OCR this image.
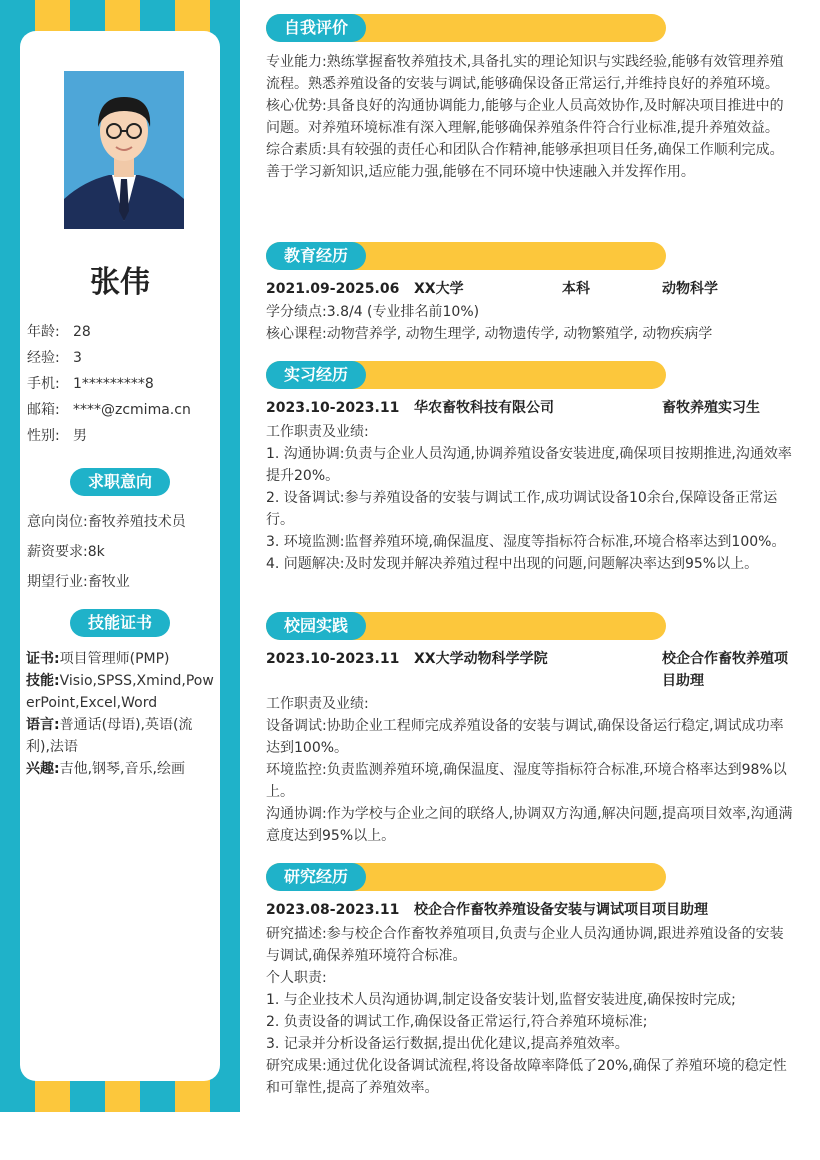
张伟
年龄: 28
经验: 3
手机: 1*********8
邮箱: ****@zcmima.cn
性别: 男
求职意向
意向岗位:畜牧养殖技术员
薪资要求:8k
期望行业:畜牧业
技能证书
证书:项目管理师(PMP)
技能:Visio,SPSS,Xmind,PowerPoint,Excel,Word
语言:普通话(母语),英语(流利),法语
兴趣:吉他,钢琴,音乐,绘画
自我评价

专业能力:熟练掌握畜牧养殖技术,具备扎实的理论知识与实践经验,能够有效管理养殖流程。熟悉养殖设备的安装与调试,能够确保设备正常运行,并维持良好的养殖环境。

核心优势:具备良好的沟通协调能力,能够与企业人员高效协作,及时解决项目推进中的问题。对养殖环境标准有深入理解,能够确保养殖条件符合行业标准,提升养殖效益。

综合素质:具有较强的责任心和团队合作精神,能够承担项目任务,确保工作顺利完成。善于学习新知识,适应能力强,能够在不同环境中快速融入并发挥作用。

教育经历
2021.09-2025.06 XX大学	本科	动物科学

学分绩点:3.8/4 (专业排名前10%)

核心课程:动物营养学, 动物生理学, 动物遗传学, 动物繁殖学, 动物疾病学

实习经历
2023.10-2023.11 华农畜牧科技有限公司	畜牧养殖实习生

工作职责及业绩:

1. 沟通协调:负责与企业人员沟通,协调养殖设备安装进度,确保项目按期推进,沟通效率提升20%。

2. 设备调试:参与养殖设备的安装与调试工作,成功调试设备10余台,保障设备正常运行。

3. 环境监测:监督养殖环境,确保温度、湿度等指标符合标准,环境合格率达到100%。

4. 问题解决:及时发现并解决养殖过程中出现的问题,问题解决率达到95%以上。

校园实践
2023.10-2023.11 XX大学动物科学学院	校企合作畜牧养殖项目助理

工作职责及业绩:

设备调试:协助企业工程师完成养殖设备的安装与调试,确保设备运行稳定,调试成功率达到100%。

环境监控:负责监测养殖环境,确保温度、湿度等指标符合标准,环境合格率达到98%以上。

沟通协调:作为学校与企业之间的联络人,协调双方沟通,解决问题,提高项目效率,沟通满意度达到95%以上。

研究经历
2023.08-2023.11 校企合作畜牧养殖设备安装与调试项目 项目助理

研究描述:参与校企合作畜牧养殖项目,负责与企业人员沟通协调,跟进养殖设备的安装与调试,确保养殖环境符合标准。

个人职责:

1. 与企业技术人员沟通协调,制定设备安装计划,监督安装进度,确保按时完成;

2. 负责设备的调试工作,确保设备正常运行,符合养殖环境标准;

3. 记录并分析设备运行数据,提出优化建议,提高养殖效率。

研究成果:通过优化设备调试流程,将设备故障率降低了20%,确保了养殖环境的稳定性和可靠性,提高了养殖效率。
